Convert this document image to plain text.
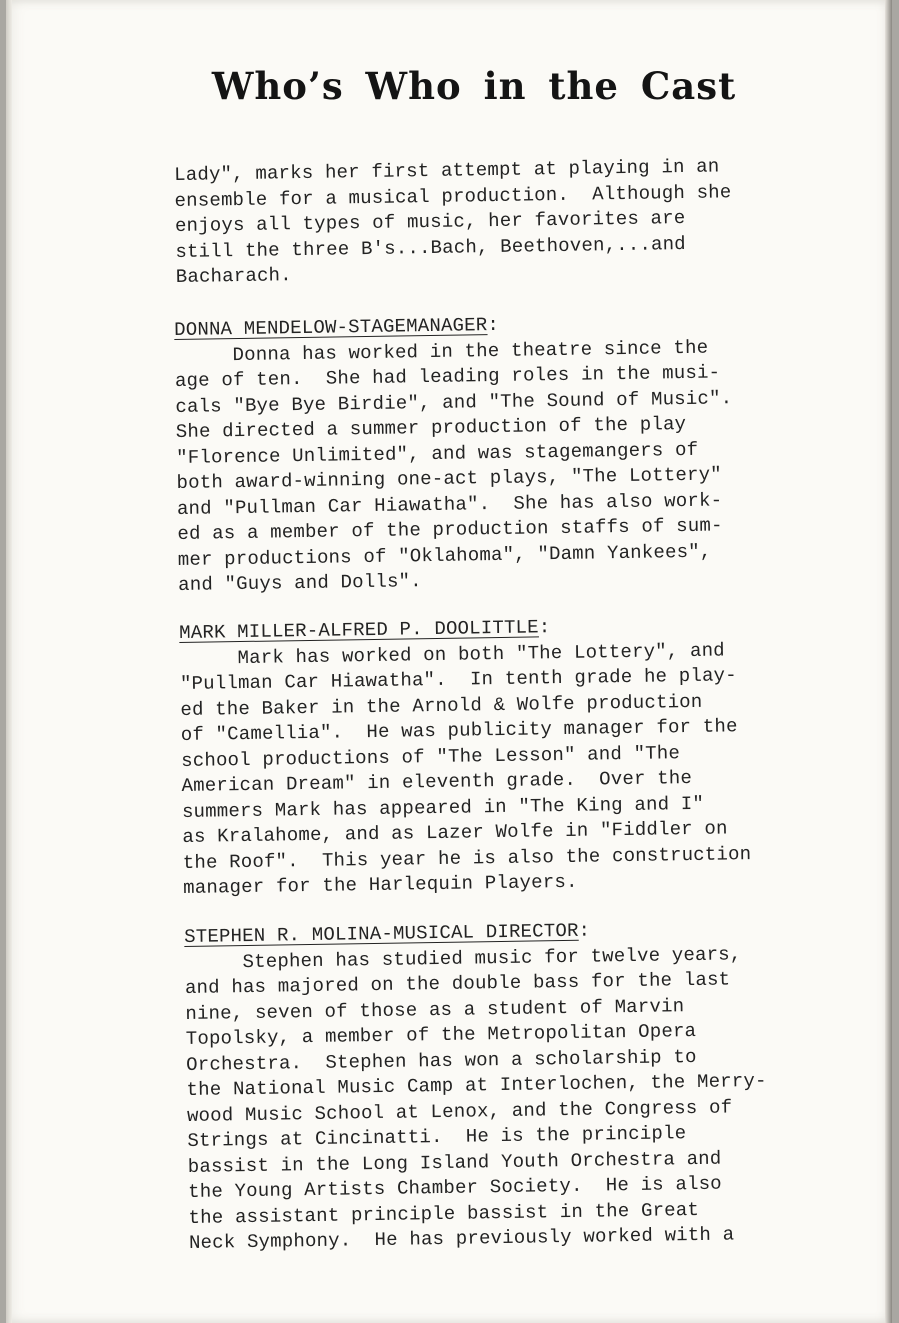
Who’s Who in the Cast
Lady", marks her first attempt at playing in an
ensemble for a musical production.  Although she
enjoys all types of music, her favorites are
still the three B's...Bach, Beethoven,...and
Bacharach.
DONNA MENDELOW-STAGEMANAGER:
Donna has worked in the theatre since the
age of ten.  She had leading roles in the musi-
cals "Bye Bye Birdie", and "The Sound of Music".
She directed a summer production of the play
"Florence Unlimited", and was stagemangers of
both award-winning one-act plays, "The Lottery"
and "Pullman Car Hiawatha".  She has also work-
ed as a member of the production staffs of sum-
mer productions of "Oklahoma", "Damn Yankees",
and "Guys and Dolls".
MARK MILLER-ALFRED P. DOOLITTLE:
Mark has worked on both "The Lottery", and
"Pullman Car Hiawatha".  In tenth grade he play-
ed the Baker in the Arnold & Wolfe production
of "Camellia".  He was publicity manager for the
school productions of "The Lesson" and "The
American Dream" in eleventh grade.  Over the
summers Mark has appeared in "The King and I"
as Kralahome, and as Lazer Wolfe in "Fiddler on
the Roof".  This year he is also the construction
manager for the Harlequin Players.
STEPHEN R. MOLINA-MUSICAL DIRECTOR:
Stephen has studied music for twelve years,
and has majored on the double bass for the last
nine, seven of those as a student of Marvin
Topolsky, a member of the Metropolitan Opera
Orchestra.  Stephen has won a scholarship to
the National Music Camp at Interlochen, the Merry-
wood Music School at Lenox, and the Congress of
Strings at Cincinatti.  He is the principle
bassist in the Long Island Youth Orchestra and
the Young Artists Chamber Society.  He is also
the assistant principle bassist in the Great
Neck Symphony.  He has previously worked with a
